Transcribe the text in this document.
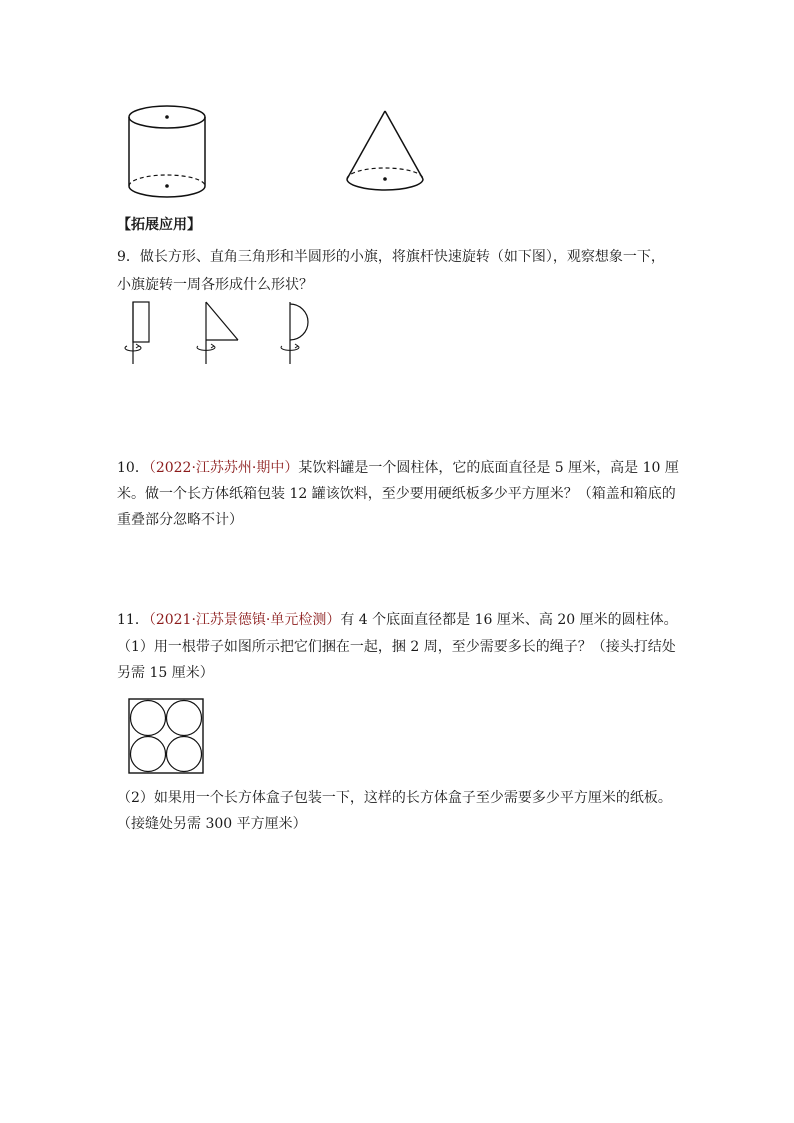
【拓展应用】
9．做长方形、直角三角形和半圆形的小旗，将旗杆快速旋转（如下图），观察想象一下，
小旗旋转一周各形成什么形状？
10．（2022·江苏苏州·期中）某饮料罐是一个圆柱体，它的底面直径是 5 厘米，高是 10 厘
米。做一个长方体纸箱包装 12 罐该饮料，至少要用硬纸板多少平方厘米？（箱盖和箱底的
重叠部分忽略不计）
11．（2021·江苏景德镇·单元检测）有 4 个底面直径都是 16 厘米、高 20 厘米的圆柱体。
（1）用一根带子如图所示把它们捆在一起，捆 2 周，至少需要多长的绳子？（接头打结处
另需 15 厘米）
（2）如果用一个长方体盒子包装一下，这样的长方体盒子至少需要多少平方厘米的纸板。
（接缝处另需 300 平方厘米）
